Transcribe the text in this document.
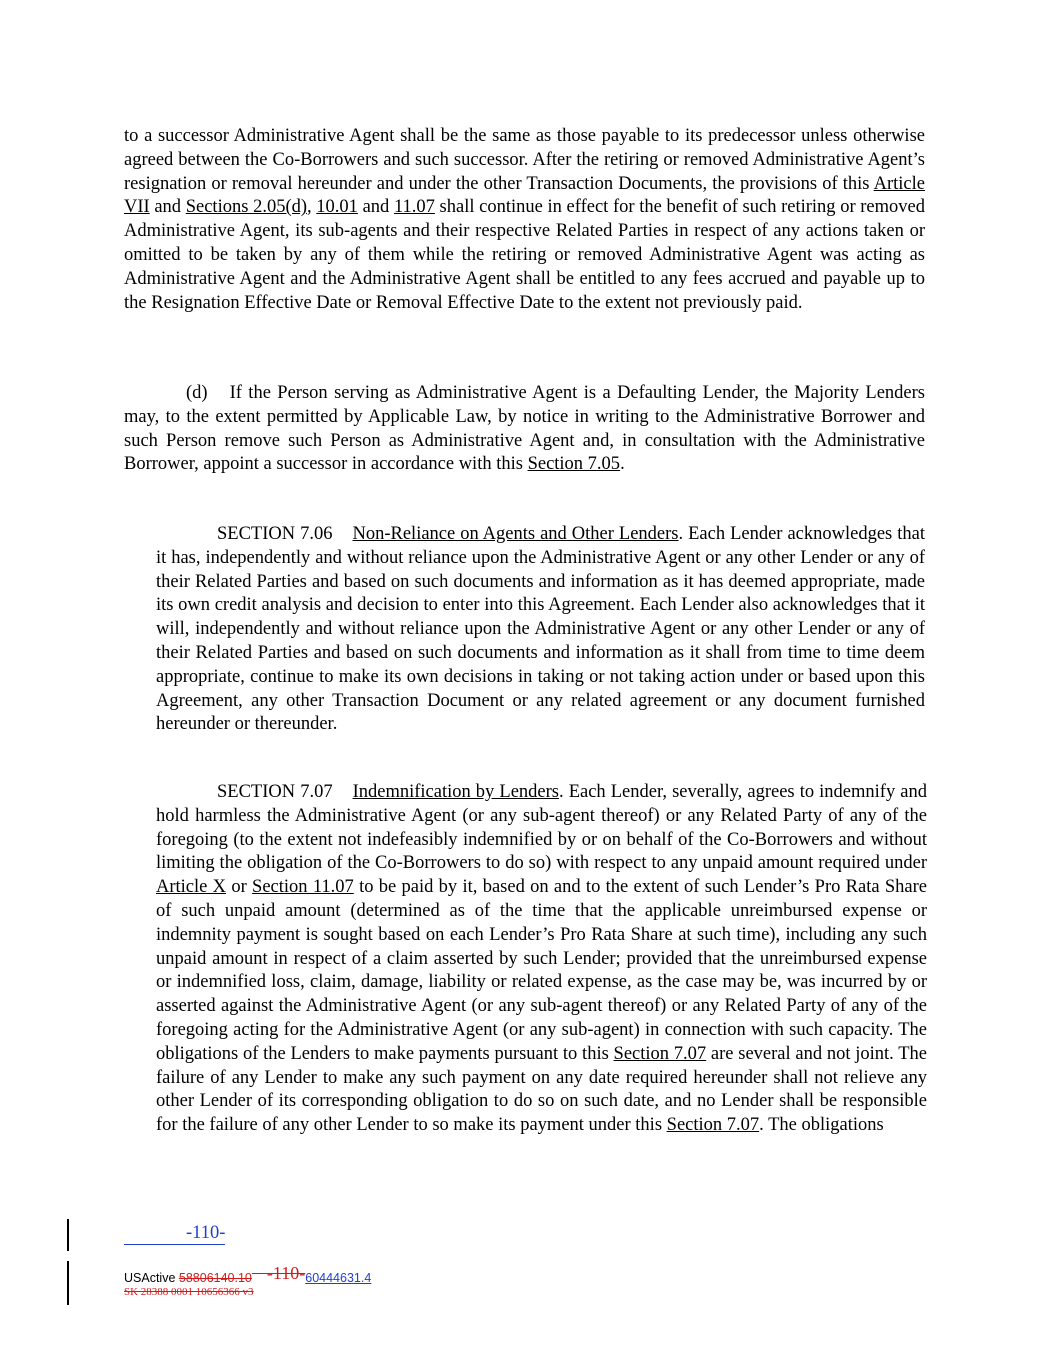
to a successor Administrative Agent shall be the same as those payable to its predecessor unless otherwise agreed between the Co-Borrowers and such successor. After the retiring or removed Administrative Agent’s resignation or removal hereunder and under the other Transaction Documents, the provisions of this Article VII and Sections 2.05(d), 10.01 and 11.07 shall continue in effect for the benefit of such retiring or removed Administrative Agent, its sub-agents and their respective Related Parties in respect of any actions taken or omitted to be taken by any of them while the retiring or removed Administrative Agent was acting as Administrative Agent and the Administrative Agent shall be entitled to any fees accrued and payable up to the Resignation Effective Date or Removal Effective Date to the extent not previously paid.

(d) If the Person serving as Administrative Agent is a Defaulting Lender, the Majority Lenders may, to the extent permitted by Applicable Law, by notice in writing to the Administrative Borrower and such Person remove such Person as Administrative Agent and, in consultation with the Administrative Borrower, appoint a successor in accordance with this Section 7.05.

SECTION 7.06 Non-Reliance on Agents and Other Lenders. Each Lender acknowledges that it has, independently and without reliance upon the Administrative Agent or any other Lender or any of their Related Parties and based on such documents and information as it has deemed appropriate, made its own credit analysis and decision to enter into this Agreement. Each Lender also acknowledges that it will, independently and without reliance upon the Administrative Agent or any other Lender or any of their Related Parties and based on such documents and information as it shall from time to time deem appropriate, continue to make its own decisions in taking or not taking action under or based upon this Agreement, any other Transaction Document or any related agreement or any document furnished hereunder or thereunder.

SECTION 7.07 Indemnification by Lenders. Each Lender, severally, agrees to indemnify and hold harmless the Administrative Agent (or any sub-agent thereof) or any Related Party of any of the foregoing (to the extent not indefeasibly indemnified by or on behalf of the Co-Borrowers and without limiting the obligation of the Co-Borrowers to do so) with respect to any unpaid amount required under Article X or Section 11.07 to be paid by it, based on and to the extent of such Lender’s Pro Rata Share of such unpaid amount (determined as of the time that the applicable unreimbursed expense or indemnity payment is sought based on each Lender’s Pro Rata Share at such time), including any such unpaid amount in respect of a claim asserted by such Lender; provided that the unreimbursed expense or indemnified loss, claim, damage, liability or related expense, as the case may be, was incurred by or asserted against the Administrative Agent (or any sub-agent thereof) or any Related Party of any of the foregoing acting for the Administrative Agent (or any sub-agent) in connection with such capacity. The obligations of the Lenders to make payments pursuant to this Section 7.07 are several and not joint. The failure of any Lender to make any such payment on any date required hereunder shall not relieve any other Lender of its corresponding obligation to do so on such date, and no Lender shall be responsible for the failure of any other Lender to so make its payment under this Section 7.07. The obligations

-110-
USActive 58806140.10           -110-60444631.4
SK 28388 0001 10656366 v3
